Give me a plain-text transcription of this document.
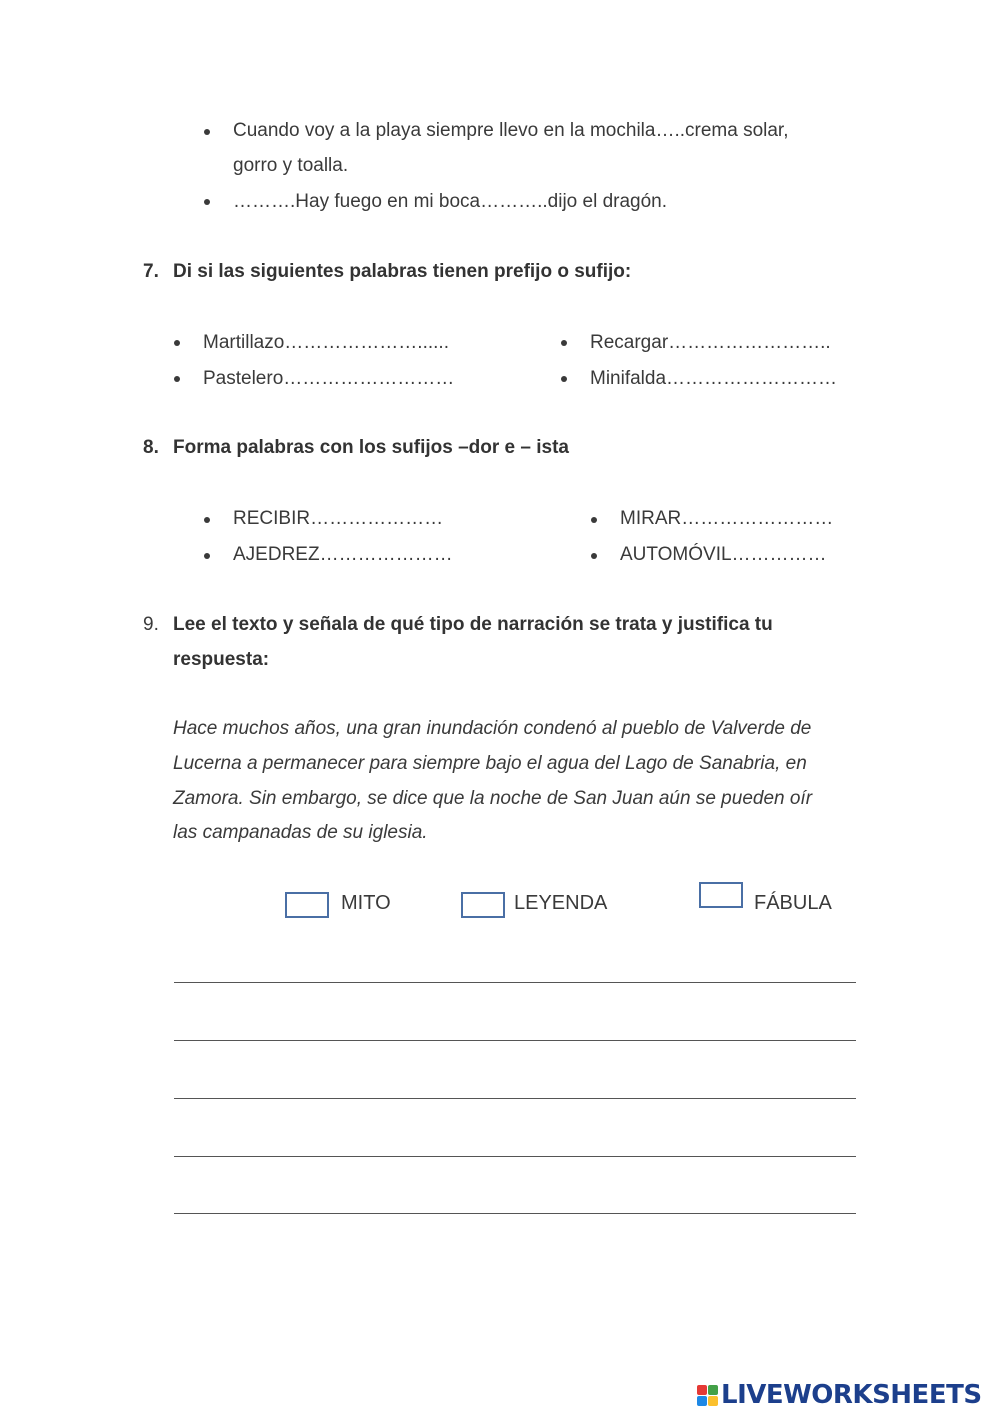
Cuando voy a la playa siempre llevo en la mochila…..crema solar,
gorro y toalla.
……….Hay fuego en mi boca………..dijo el dragón.
7. Di si las siguientes palabras tienen prefijo o sufijo:
Martillazo…………………......	Recargar……………………..
Pastelero………………………	Minifalda………………………
8. Forma palabras con los sufijos –dor e – ista
RECIBIR…………………	MIRAR……………………
AJEDREZ…………………	AUTOMÓVIL……………
9. Lee el texto y señala de qué tipo de narración se trata y justifica tu
respuesta:
Hace muchos años, una gran inundación condenó al pueblo de Valverde de
Lucerna a permanecer para siempre bajo el agua del Lago de Sanabria, en
Zamora. Sin embargo, se dice que la noche de San Juan aún se pueden oír
las campanadas de su iglesia.
MITO	LEYENDA	FÁBULA
LIVEWORKSHEETS
